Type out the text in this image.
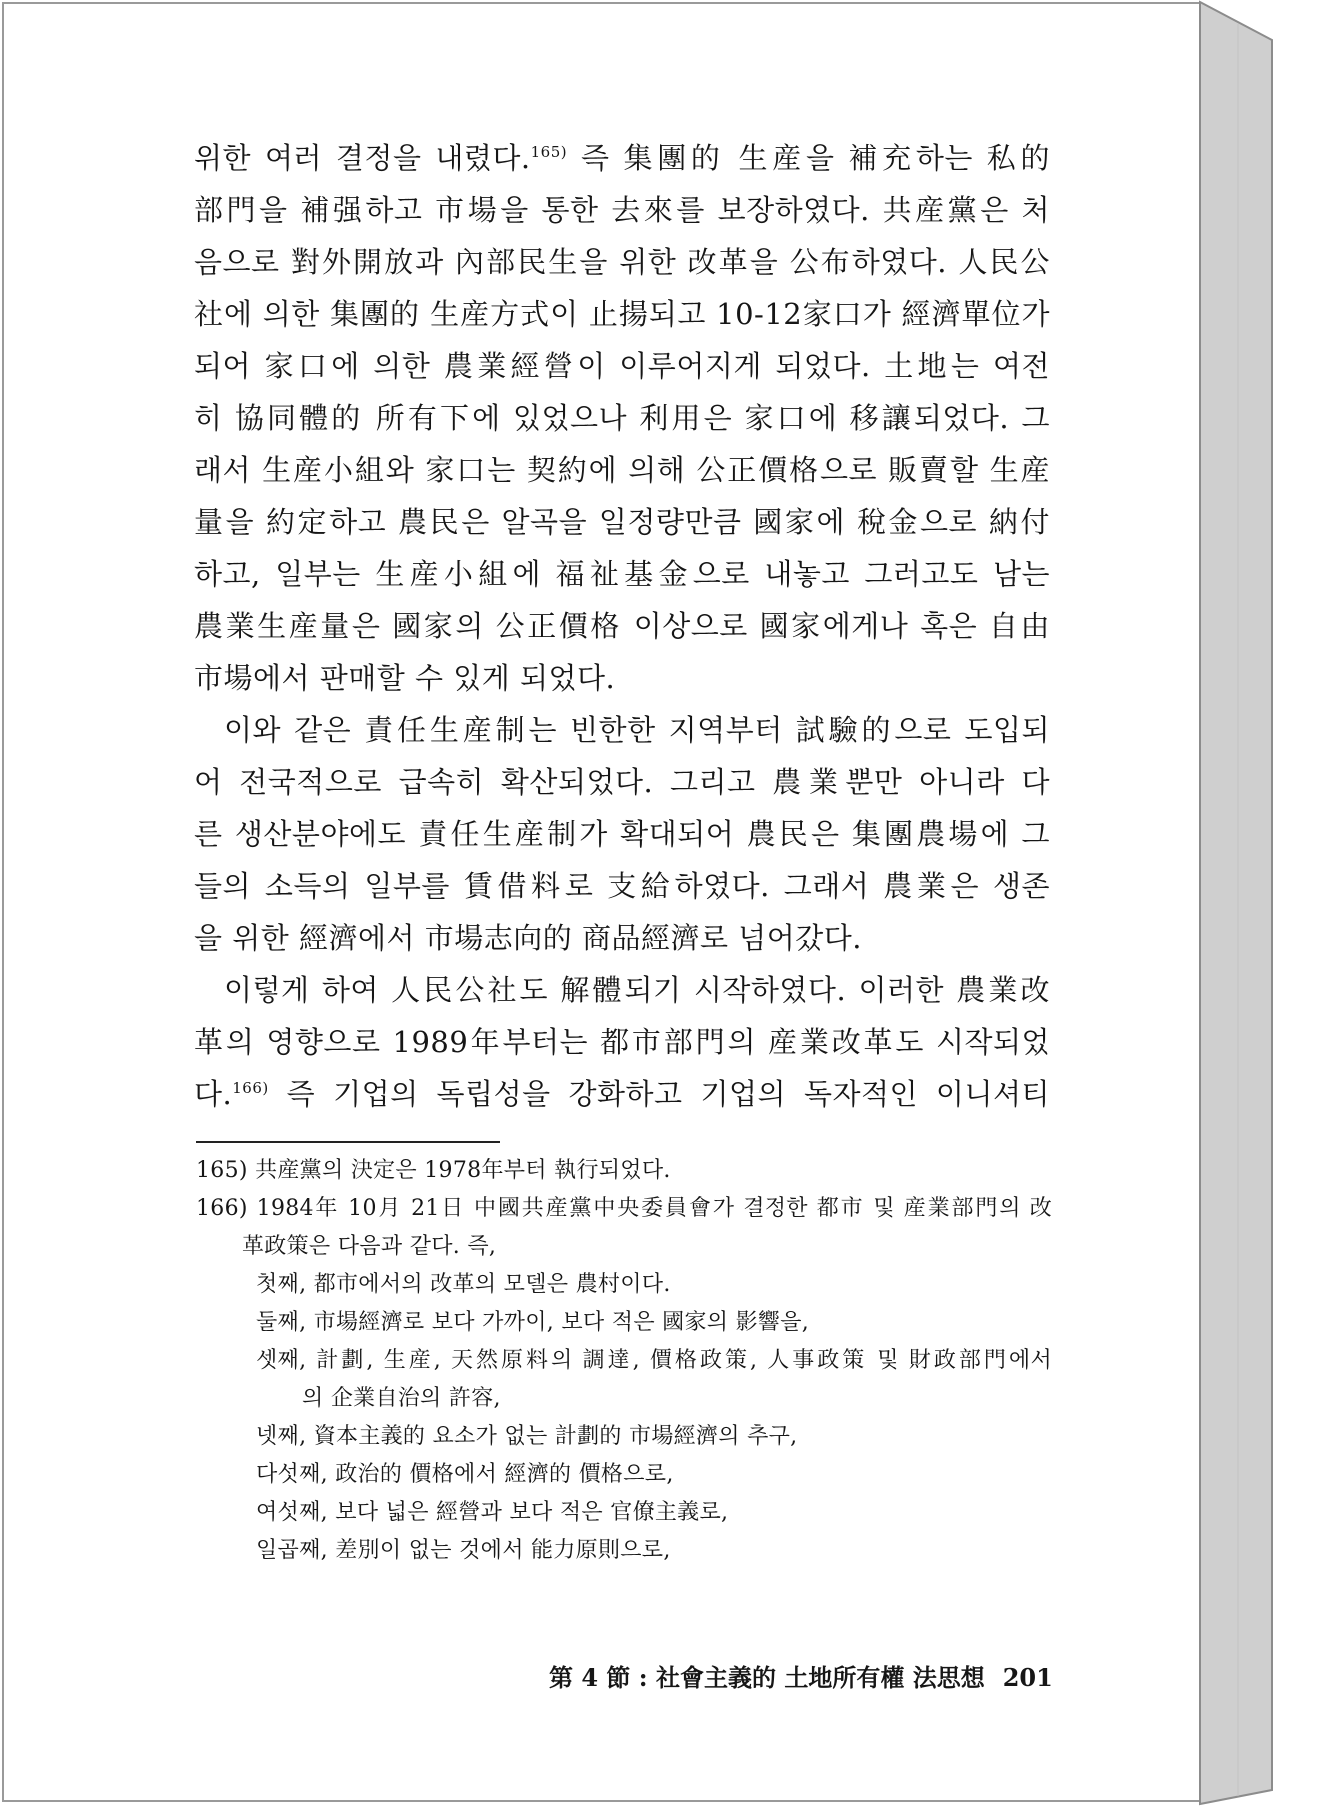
위한 여러 결정을 내렸다.$^{165)}$ 즉 集團的 生産을 補充하는 私的
部門을 補强하고 市場을 통한 去來를 보장하였다. 共産黨은 처
음으로 對外開放과 內部民生을 위한 改革을 公布하였다. 人民公
社에 의한 集團的 生産方式이 止揚되고 10-12家口가 經濟單位가
되어 家口에 의한 農業經營이 이루어지게 되었다. 土地는 여전
히 協同體的 所有下에 있었으나 利用은 家口에 移讓되었다. 그
래서 生産小組와 家口는 契約에 의해 公正價格으로 販賣할 生産
量을 約定하고 農民은 알곡을 일정량만큼 國家에 稅金으로 納付
하고, 일부는 生産小組에 福祉基金으로 내놓고 그러고도 남는
農業生産量은 國家의 公正價格 이상으로 國家에게나 혹은 自由
市場에서 판매할 수 있게 되었다.
이와 같은 責任生産制는 빈한한 지역부터 試驗的으로 도입되
어 전국적으로 급속히 확산되었다. 그리고 農業뿐만 아니라 다
른 생산분야에도 責任生産制가 확대되어 農民은 集團農場에 그
들의 소득의 일부를 賃借料로 支給하였다. 그래서 農業은 생존
을 위한 經濟에서 市場志向的 商品經濟로 넘어갔다.
이렇게 하여 人民公社도 解體되기 시작하였다. 이러한 農業改
革의 영향으로 1989年부터는 都市部門의 産業改革도 시작되었
다.$^{166)}$ 즉 기업의 독립성을 강화하고 기업의 독자적인 이니셔티
165) 共産黨의 決定은 1978年부터 執行되었다.
166) 1984年 10月 21日 中國共産黨中央委員會가 결정한 都市 및 産業部門의 改
革政策은 다음과 같다. 즉,
첫째, 都市에서의 改革의 모델은 農村이다.
둘째, 市場經濟로 보다 가까이, 보다 적은 國家의 影響을,
셋째, 計劃, 生産, 天然原料의 調達, 價格政策, 人事政策 및 財政部門에서
의 企業自治의 許容,
넷째, 資本主義的 요소가 없는 計劃的 市場經濟의 추구,
다섯째, 政治的 價格에서 經濟的 價格으로,
여섯째, 보다 넓은 經營과 보다 적은 官僚主義로,
일곱째, 差別이 없는 것에서 能力原則으로,
第 4 節 : 社會主義的 土地所有權 法思想 201
